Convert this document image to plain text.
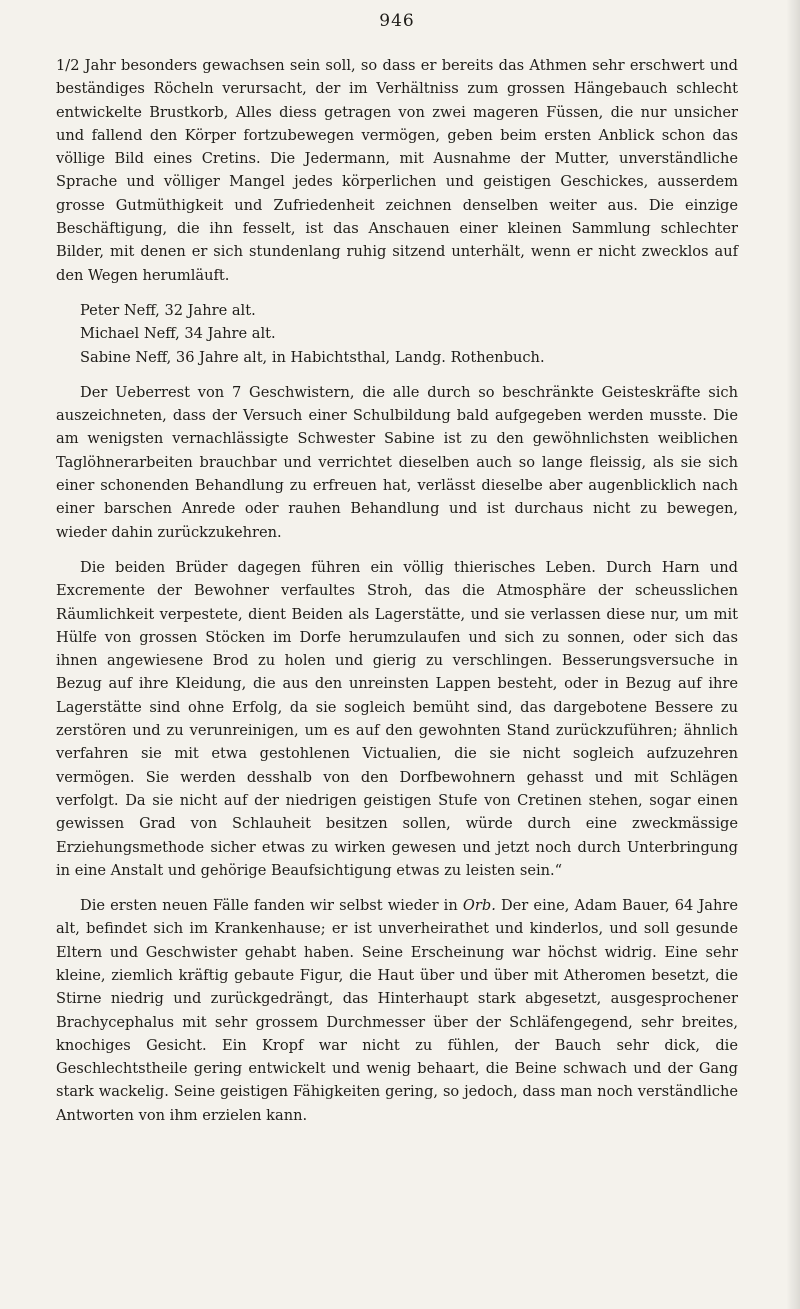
946

1/2 Jahr besonders gewachsen sein soll, so dass er bereits das Athmen sehr erschwert und beständiges Röcheln verursacht, der im Verhältniss zum grossen Hängebauch schlecht entwickelte Brustkorb, Alles diess getragen von zwei mageren Füssen, die nur unsicher und fallend den Körper fortzubewegen vermögen, geben beim ersten Anblick schon das völlige Bild eines Cretins. Die Jedermann, mit Ausnahme der Mutter, unverständliche Sprache und völliger Mangel jedes körperlichen und geistigen Geschickes, ausserdem grosse Gutmüthigkeit und Zufriedenheit zeichnen denselben weiter aus. Die einzige Beschäftigung, die ihn fesselt, ist das Anschauen einer kleinen Sammlung schlechter Bilder, mit denen er sich stundenlang ruhig sitzend unterhält, wenn er nicht zwecklos auf den Wegen herumläuft.

Peter Neff, 32 Jahre alt.
Michael Neff, 34 Jahre alt.
Sabine Neff, 36 Jahre alt, in Habichtsthal, Landg. Rothenbuch.

Der Ueberrest von 7 Geschwistern, die alle durch so beschränkte Geisteskräfte sich auszeichneten, dass der Versuch einer Schulbildung bald aufgegeben werden musste. Die am wenigsten vernachlässigte Schwester Sabine ist zu den gewöhnlichsten weiblichen Taglöhnerarbeiten brauchbar und verrichtet dieselben auch so lange fleissig, als sie sich einer schonenden Behandlung zu erfreuen hat, verlässt dieselbe aber augenblicklich nach einer barschen Anrede oder rauhen Behandlung und ist durchaus nicht zu bewegen, wieder dahin zurückzukehren.

Die beiden Brüder dagegen führen ein völlig thierisches Leben. Durch Harn und Excremente der Bewohner verfaultes Stroh, das die Atmosphäre der scheusslichen Räumlichkeit verpestete, dient Beiden als Lagerstätte, und sie verlassen diese nur, um mit Hülfe von grossen Stöcken im Dorfe herumzulaufen und sich zu sonnen, oder sich das ihnen angewiesene Brod zu holen und gierig zu verschlingen. Besserungsversuche in Bezug auf ihre Kleidung, die aus den unreinsten Lappen besteht, oder in Bezug auf ihre Lagerstätte sind ohne Erfolg, da sie sogleich bemüht sind, das dargebotene Bessere zu zerstören und zu verunreinigen, um es auf den gewohnten Stand zurückzuführen; ähnlich verfahren sie mit etwa gestohlenen Victualien, die sie nicht sogleich aufzuzehren vermögen. Sie werden desshalb von den Dorfbewohnern gehasst und mit Schlägen verfolgt. Da sie nicht auf der niedrigen geistigen Stufe von Cretinen stehen, sogar einen gewissen Grad von Schlauheit besitzen sollen, würde durch eine zweckmässige Erziehungsmethode sicher etwas zu wirken gewesen und jetzt noch durch Unterbringung in eine Anstalt und gehörige Beaufsichtigung etwas zu leisten sein.“

Die ersten neuen Fälle fanden wir selbst wieder in Orb. Der eine, Adam Bauer, 64 Jahre alt, befindet sich im Krankenhause; er ist unverheirathet und kinderlos, und soll gesunde Eltern und Geschwister gehabt haben. Seine Erscheinung war höchst widrig. Eine sehr kleine, ziemlich kräftig gebaute Figur, die Haut über und über mit Atheromen besetzt, die Stirne niedrig und zurückgedrängt, das Hinterhaupt stark abgesetzt, ausgesprochener Brachycephalus mit sehr grossem Durchmesser über der Schläfengegend, sehr breites, knochiges Gesicht. Ein Kropf war nicht zu fühlen, der Bauch sehr dick, die Geschlechtstheile gering entwickelt und wenig behaart, die Beine schwach und der Gang stark wackelig. Seine geistigen Fähigkeiten gering, so jedoch, dass man noch verständliche Antworten von ihm erzielen kann.
